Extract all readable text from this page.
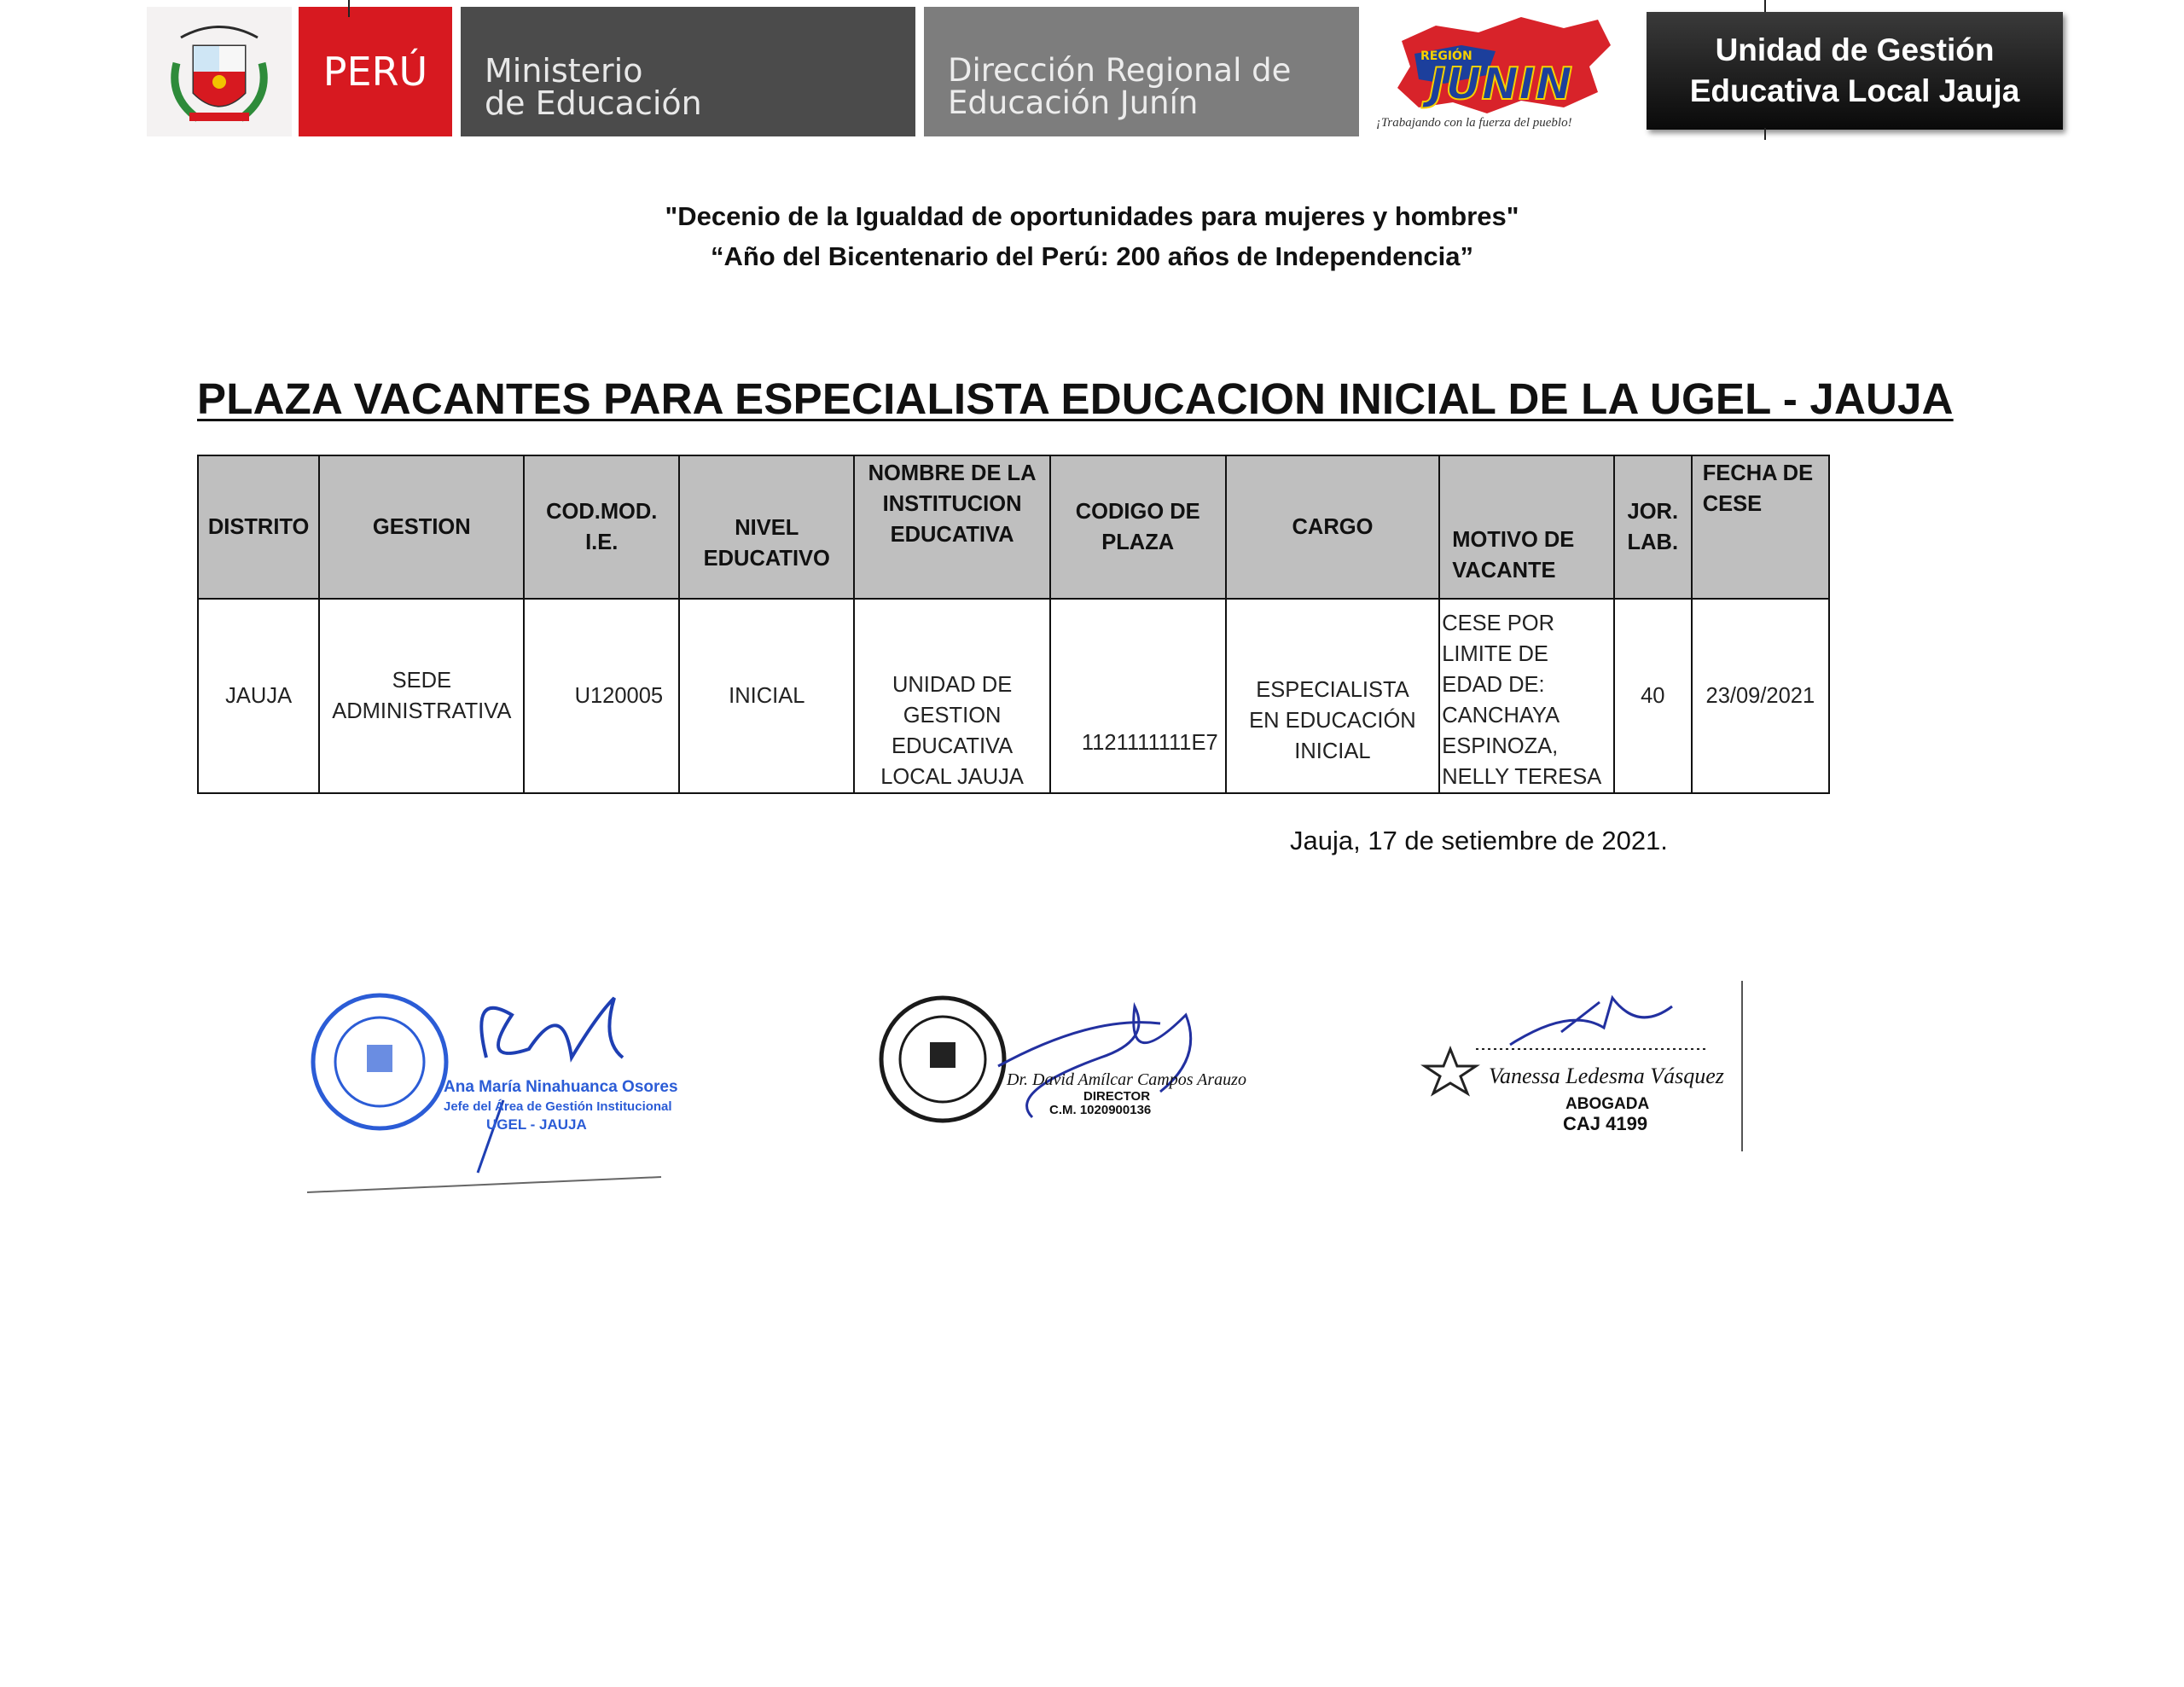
PERÚ Ministerio
de Educación
Dirección Regional de
Educación Junín
REGIÓN
JUNIN
¡Trabajando con la fuerza del pueblo!
Unidad de Gestión
Educativa Local Jauja
"Decenio de la Igualdad de oportunidades para mujeres y hombres"
“Año del Bicentenario del Perú: 200 años de Independencia”
PLAZA VACANTES PARA ESPECIALISTA EDUCACION INICIAL DE LA UGEL - JAUJA
DISTRITO	GESTION	COD.MOD. I.E.	NIVEL EDUCATIVO	NOMBRE DE LA INSTITUCION EDUCATIVA	CODIGO DE PLAZA	CARGO	MOTIVO DE VACANTE	JOR. LAB.	FECHA DE CESE
JAUJA	SEDE ADMINISTRATIVA	U120005	INICIAL	UNIDAD DE GESTION EDUCATIVA LOCAL JAUJA	1121111111E7	ESPECIALISTA EN EDUCACIÓN INICIAL	CESE POR LIMITE DE EDAD DE: CANCHAYA ESPINOZA, NELLY TERESA	40	23/09/2021
Jauja, 17 de setiembre de 2021.
Ana María Ninahuanca Osores
Jefe del Área de Gestión Institucional
UGEL - JAUJA
Dr. David Amílcar Campos Arauzo
DIRECTOR
C.M. 1020900136
Vanessa Ledesma Vásquez
ABOGADA
CAJ 4199
